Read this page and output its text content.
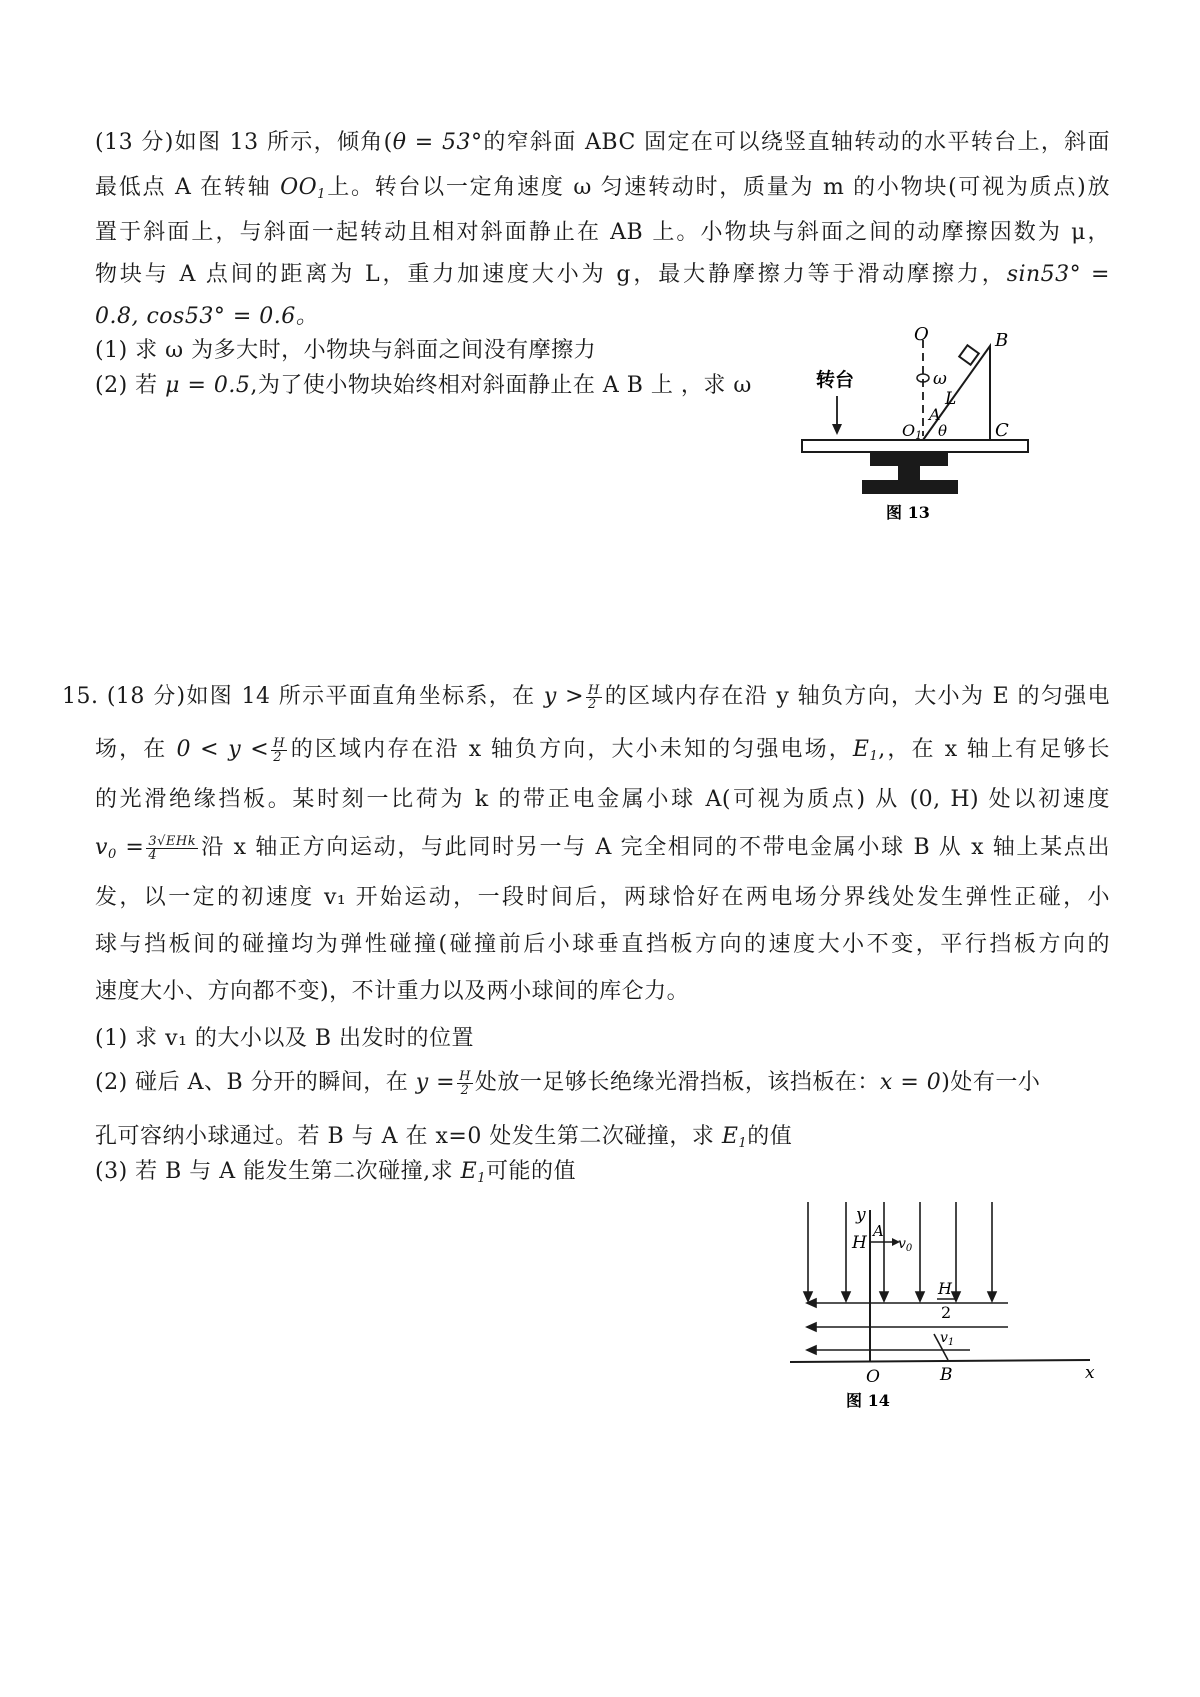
(13 分)如图 13 所示，倾角(θ = 53°的窄斜面 ABC 固定在可以绕竖直轴转动的水平转台上，斜面
最低点 A 在转轴 $OO_1$上。转台以一定角速度 ω 匀速转动时，质量为 m 的小物块(可视为质点)放
置于斜面上，与斜面一起转动且相对斜面静止在 AB 上。小物块与斜面之间的动摩擦因数为 μ，
物块与 A 点间的距离为 L，重力加速度大小为 g，最大静摩擦力等于滑动摩擦力，sin53° =
0.8, cos53° = 0.6。
(1) 求 ω 为多大时，小物块与斜面之间没有摩擦力
(2) 若 μ = 0.5,为了使小物块始终相对斜面静止在 A B 上 ，求 ω
O
ω
B
C
L
A
θ
O1
转台
图 13
15. (18 分)如图 14 所示平面直角坐标系，在 $y > \frac{H}{2}$ 的区域内存在沿 y 轴负方向，大小为 E 的匀强电
场，在 $0 < y < \frac{H}{2}$ 的区域内存在沿 x 轴负方向，大小未知的匀强电场，$E_1$,，在 x 轴上有足够长
的光滑绝缘挡板。某时刻一比荷为 k 的带正电金属小球 A(可视为质点) 从 (0, H) 处以初速度
$v_0 = \frac{\text{3√EHk}}{4}$ 沿 x 轴正方向运动，与此同时另一与 A 完全相同的不带电金属小球 B 从 x 轴上某点出
发，以一定的初速度 v₁ 开始运动，一段时间后，两球恰好在两电场分界线处发生弹性正碰，小
球与挡板间的碰撞均为弹性碰撞(碰撞前后小球垂直挡板方向的速度大小不变，平行挡板方向的
速度大小、方向都不变)，不计重力以及两小球间的库仑力。
(1) 求 v₁ 的大小以及 B 出发时的位置
(2) 碰后 A、B 分开的瞬间，在 $y = \frac{H}{2}$ 处放一足够长绝缘光滑挡板，该挡板在：x = 0)处有一小
孔可容纳小球通过。若 B 与 A 在 x=0 处发生第二次碰撞，求 $E_1$的值
(3) 若 B 与 A 能发生第二次碰撞,求 $E_1$可能的值
x
y
H
O
A
$v_0$
H
2
$v_1$
B
图 14
